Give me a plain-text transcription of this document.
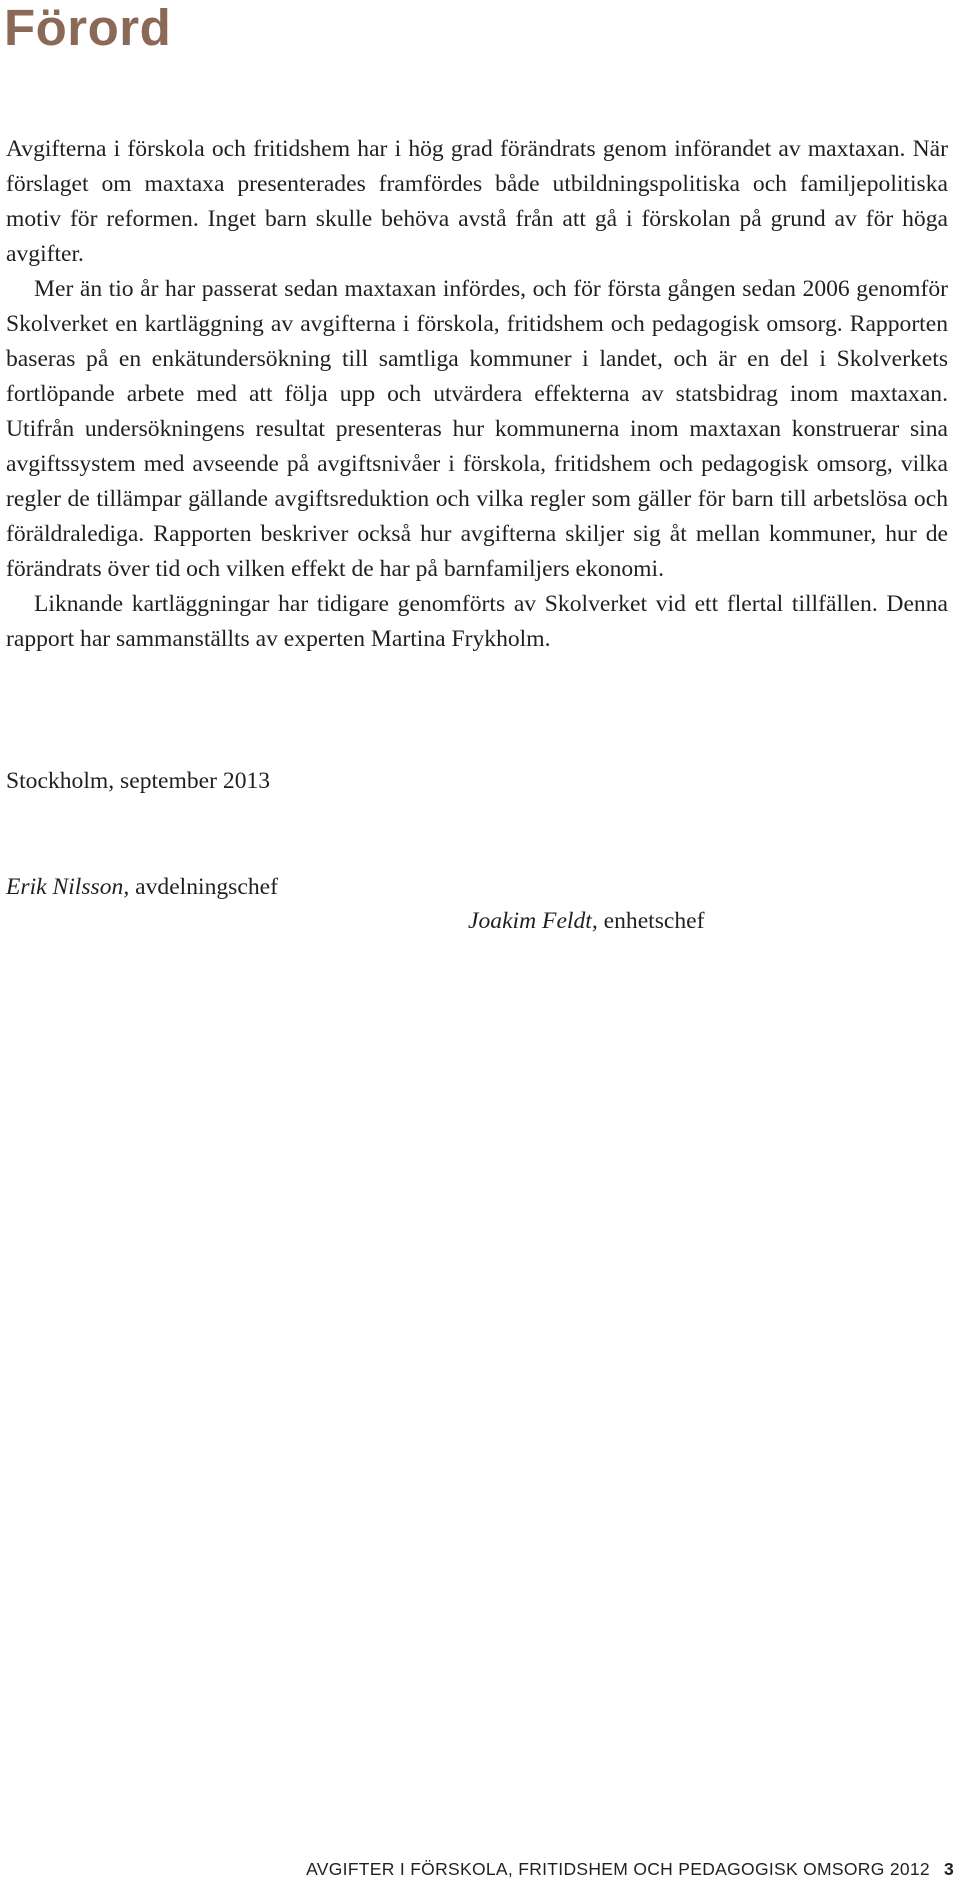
Förord

Avgifterna i förskola och fritidshem har i hög grad förändrats genom införandet av maxtaxan. När förslaget om maxtaxa presenterades framfördes både utbildningspolitiska och familjepolitiska motiv för reformen. Inget barn skulle behöva avstå från att gå i förskolan på grund av för höga avgifter.

Mer än tio år har passerat sedan maxtaxan infördes, och för första gången sedan 2006 genomför Skolverket en kartläggning av avgifterna i förskola, fritidshem och pedagogisk omsorg. Rapporten baseras på en enkätundersökning till samtliga kommuner i landet, och är en del i Skolverkets fortlöpande arbete med att följa upp och utvärdera effekterna av statsbidrag inom maxtaxan. Utifrån undersökningens resultat presenteras hur kommunerna inom maxtaxan konstruerar sina avgiftssystem med avseende på avgiftsnivåer i förskola, fritidshem och pedagogisk omsorg, vilka regler de tillämpar gällande avgiftsreduktion och vilka regler som gäller för barn till arbetslösa och föräldralediga. Rapporten beskriver också hur avgifterna skiljer sig åt mellan kommuner, hur de förändrats över tid och vilken effekt de har på barnfamiljers ekonomi.

Liknande kartläggningar har tidigare genomförts av Skolverket vid ett flertal tillfällen. Denna rapport har sammanställts av experten Martina Frykholm.

Stockholm, september 2013

Erik Nilsson, avdelningschef

Joakim Feldt, enhetschef

AVGIFTER I FÖRSKOLA, FRITIDSHEM OCH PEDAGOGISK OMSORG 2012 3
